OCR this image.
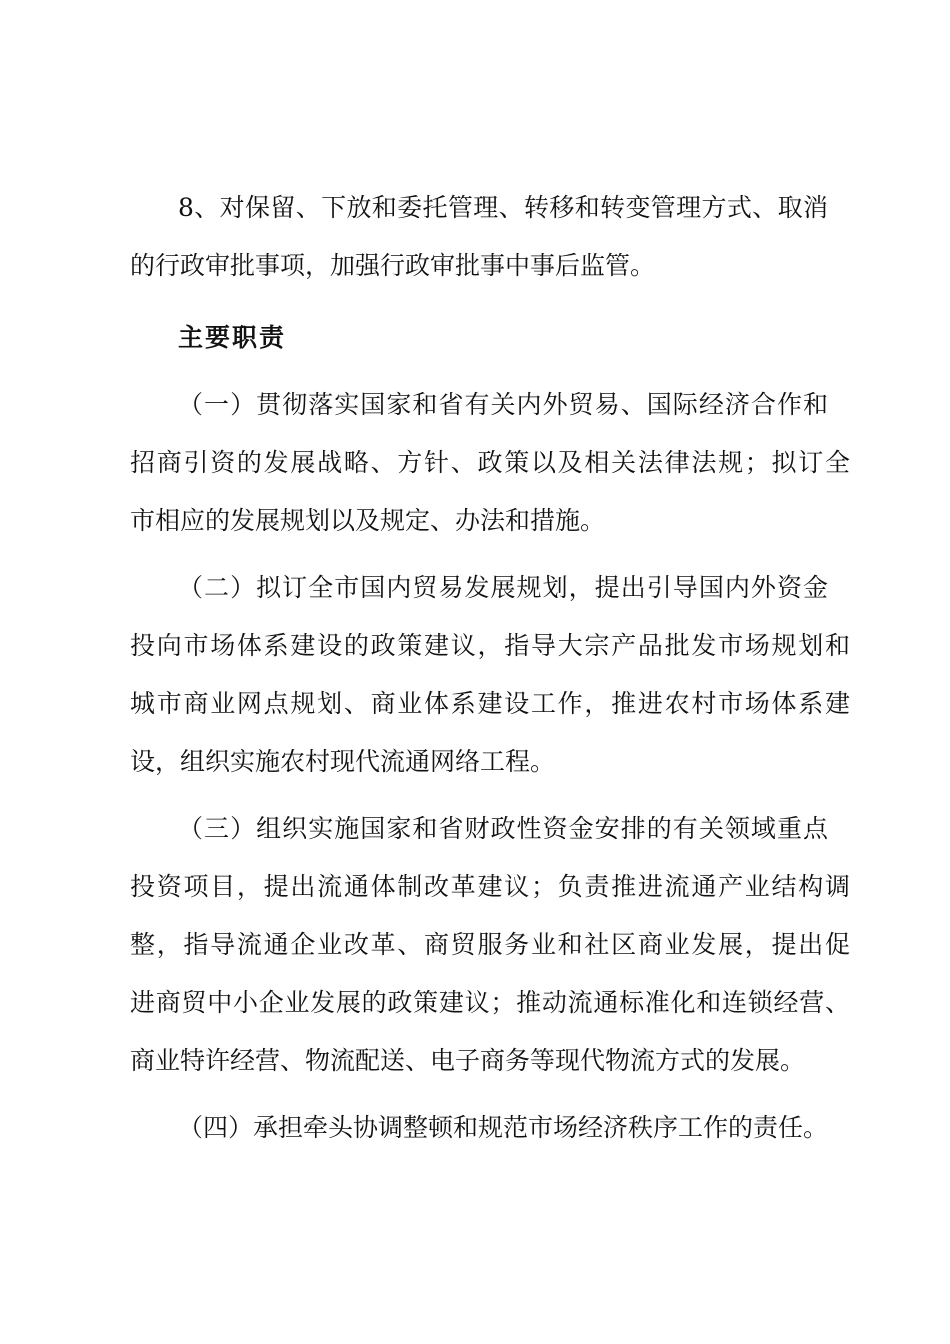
8、对保留、下放和委托管理、转移和转变管理方式、取消
的行政审批事项，加强行政审批事中事后监管。
主要职责
（一）贯彻落实国家和省有关内外贸易、国际经济合作和
招商引资的发展战略、方针、政策以及相关法律法规；拟订全
市相应的发展规划以及规定、办法和措施。
（二）拟订全市国内贸易发展规划，提出引导国内外资金
投向市场体系建设的政策建议，指导大宗产品批发市场规划和
城市商业网点规划、商业体系建设工作，推进农村市场体系建
设，组织实施农村现代流通网络工程。
（三）组织实施国家和省财政性资金安排的有关领域重点
投资项目，提出流通体制改革建议；负责推进流通产业结构调
整，指导流通企业改革、商贸服务业和社区商业发展，提出促
进商贸中小企业发展的政策建议；推动流通标准化和连锁经营、
商业特许经营、物流配送、电子商务等现代物流方式的发展。
（四）承担牵头协调整顿和规范市场经济秩序工作的责任。
